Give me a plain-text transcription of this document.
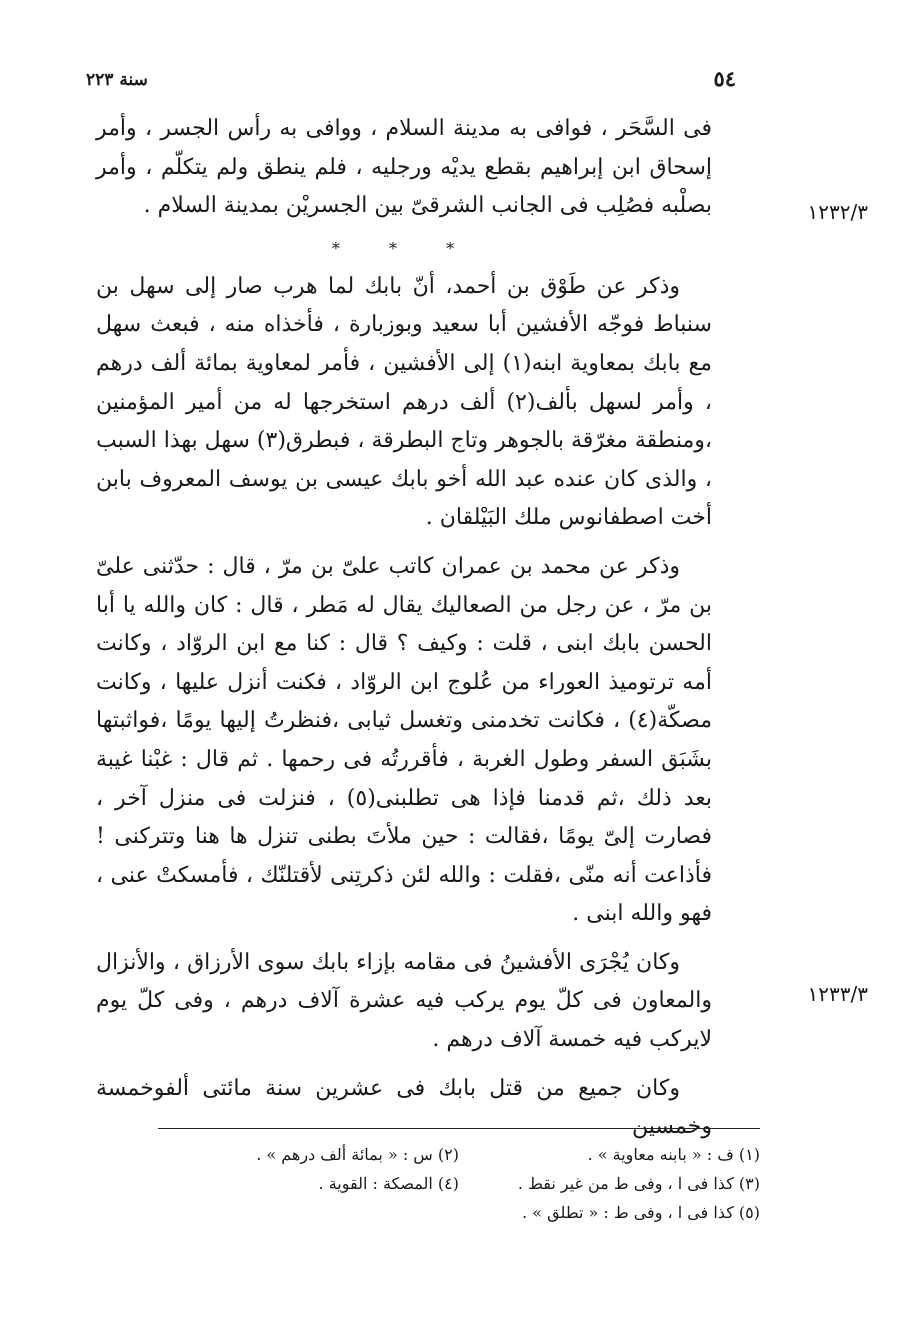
٥٤
سنة ٢٢٣

فى السَّحَر ، فوافى به مدينة السلام ، ووافى به رأس الجسر ، وأمر إسحاق ابن إبراهيم بقطع يديْه ورجليه ، فلم ينطق ولم يتكلّم ، وأمر بصلْبه فصُلِب فى الجانب الشرقىّ بين الجسريْن بمدينة السلام .

* * *

وذكر عن طَوْق بن أحمد، أنّ بابك لما هرب صار إلى سهل بن سنباط فوجّه الأفشين أبا سعيد وبوزبارة ، فأخذاه منه ، فبعث سهل مع بابك بمعاوية ابنه(١) إلى الأفشين ، فأمر لمعاوية بمائة ألف درهم ، وأمر لسهل بألف(٢) ألف درهم استخرجها له من أمير المؤمنين ،ومنطقة مغرّقة بالجوهر وتاج البطرقة ، فبطرق(٣) سهل بهذا السبب ، والذى كان عنده عبد الله أخو بابك عيسى بن يوسف المعروف بابن أخت اصطفانوس ملك البَيْلقان .

وذكر عن محمد بن عمران كاتب علىّ بن مرّ ، قال : حدّثنى علىّ بن مرّ ، عن رجل من الصعاليك يقال له مَطر ، قال : كان والله يا أبا الحسن بابك ابنى ، قلت : وكيف ؟ قال : كنا مع ابن الروّاد ، وكانت أمه ترتوميذ العوراء من عُلوج ابن الروّاد ، فكنت أنزل عليها ، وكانت مصكّة(٤) ، فكانت تخدمنى وتغسل ثيابى ،فنظرتُ إليها يومًا ،فواثبتها بشَبَق السفر وطول الغربة ، فأقررتُه فى رحمها . ثم قال : غبْنا غيبة بعد ذلك ،ثم قدمنا فإذا هى تطلبنى(٥) ، فنزلت فى منزل آخر ، فصارت إلىّ يومًا ،فقالت : حين ملأتَ بطنى تنزل ها هنا وتتركنى ! فأذاعت أنه منّى ،فقلت : والله لئن ذكرتِنى لأقتلنّك ، فأمسكتْ عنى ، فهو والله ابنى .

وكان يُجْرَى الأفشينُ فى مقامه بإزاء بابك سوى الأرزاق ، والأنزال والمعاون فى كلّ يوم يركب فيه عشرة آلاف درهم ، وفى كلّ يوم لايركب فيه خمسة آلاف درهم .

وكان جميع من قتل بابك فى عشرين سنة مائتى ألفوخمسة وخمسين

١٢٣٢/٣
١٢٣٣/٣
(١) ف : « بابنه معاوية » .
(٢) س : « بمائة ألف درهم » .
(٣) كذا فى ا ، وفى ط من غير نقط .
(٤) المصكة : القوية .
(٥) كذا فى ا ، وفى ط : « تطلق » .
